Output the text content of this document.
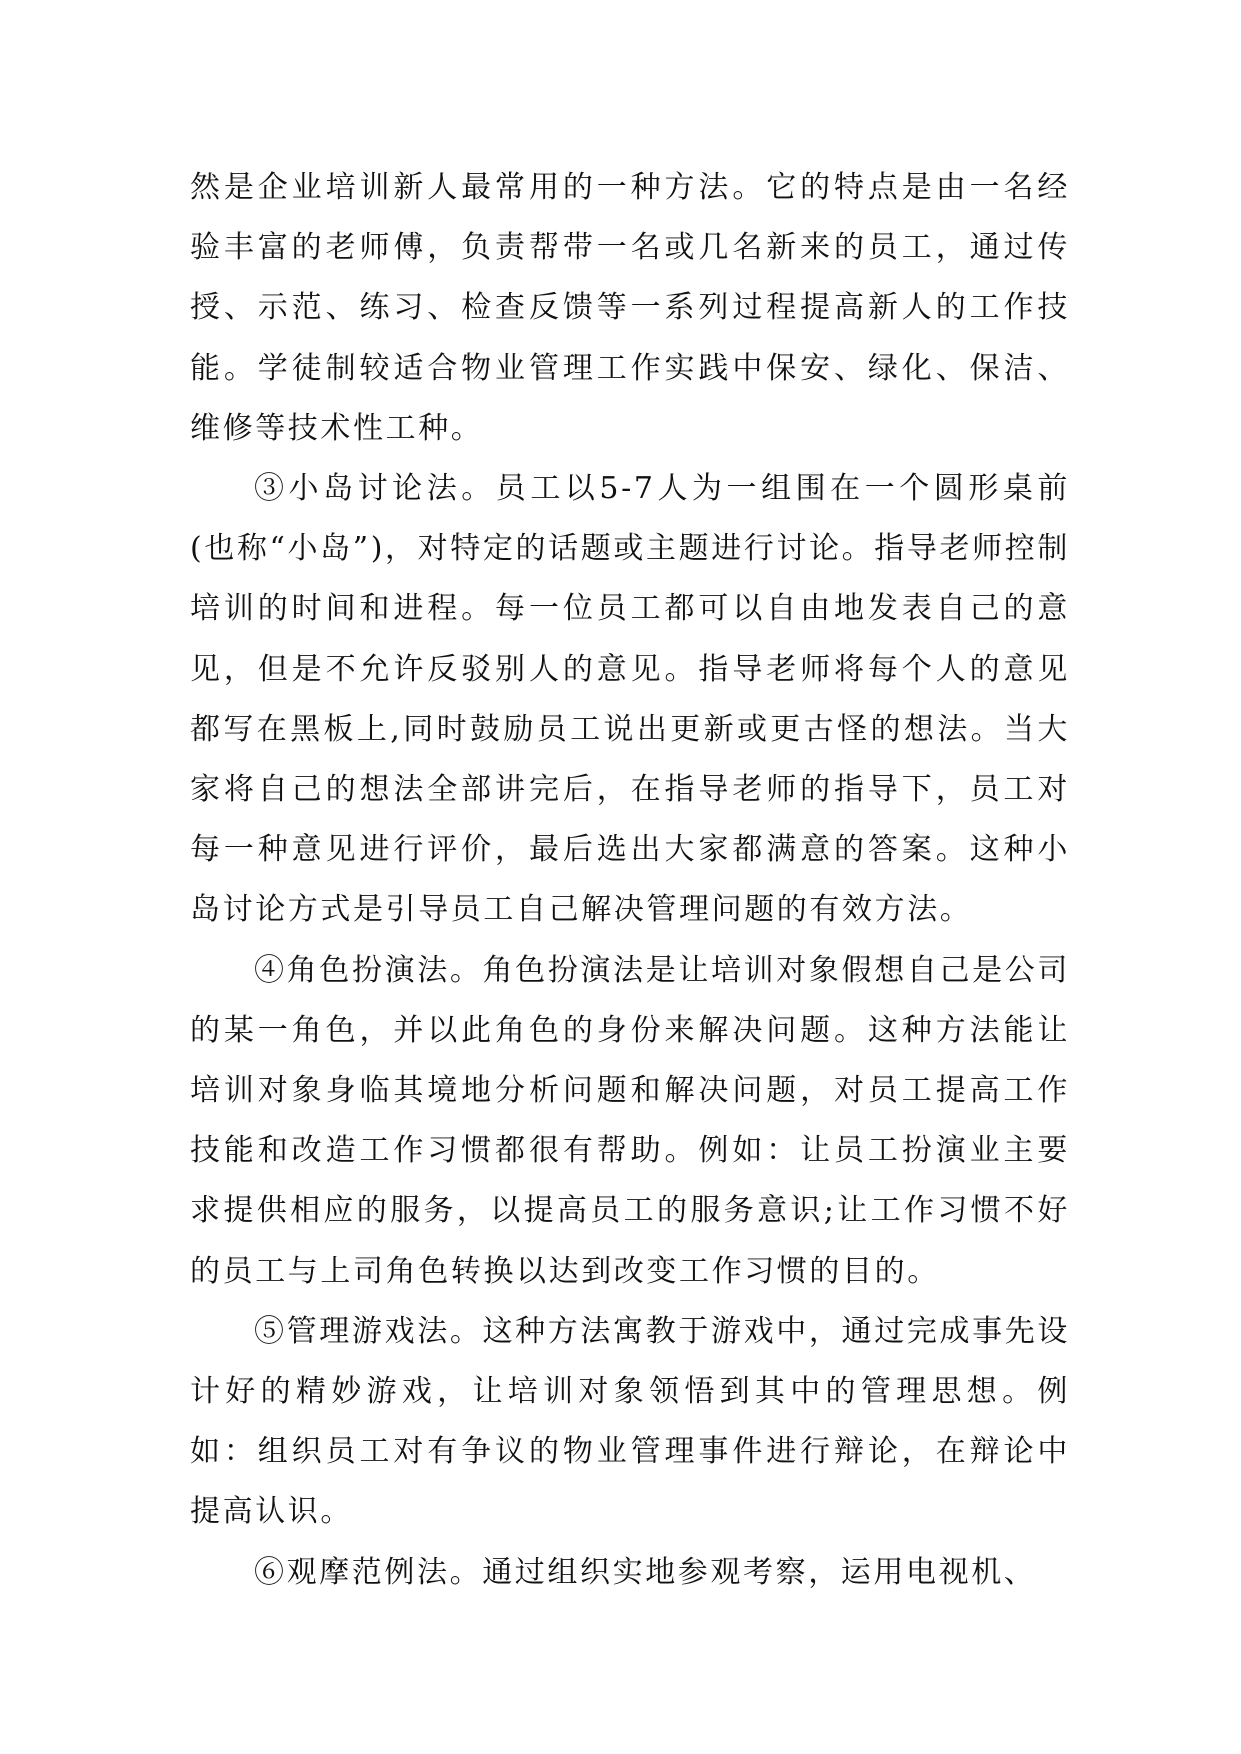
然是企业培训新人最常用的一种方法。它的特点是由一名经验丰富的老师傅，负责帮带一名或几名新来的员工，通过传授、示范、练习、检查反馈等一系列过程提高新人的工作技能。学徒制较适合物业管理工作实践中保安、绿化、保洁、维修等技术性工种。

③小岛讨论法。员工以5-7人为一组围在一个圆形桌前(也称“小岛”)，对特定的话题或主题进行讨论。指导老师控制培训的时间和进程。每一位员工都可以自由地发表自己的意见，但是不允许反驳别人的意见。指导老师将每个人的意见都写在黑板上,同时鼓励员工说出更新或更古怪的想法。当大家将自己的想法全部讲完后，在指导老师的指导下，员工对每一种意见进行评价，最后选出大家都满意的答案。这种小岛讨论方式是引导员工自己解决管理问题的有效方法。

④角色扮演法。角色扮演法是让培训对象假想自己是公司的某一角色，并以此角色的身份来解决问题。这种方法能让培训对象身临其境地分析问题和解决问题，对员工提高工作技能和改造工作习惯都很有帮助。例如：让员工扮演业主要求提供相应的服务，以提高员工的服务意识;让工作习惯不好的员工与上司角色转换以达到改变工作习惯的目的。

⑤管理游戏法。这种方法寓教于游戏中，通过完成事先设计好的精妙游戏，让培训对象领悟到其中的管理思想。例如：组织员工对有争议的物业管理事件进行辩论，在辩论中提高认识。

⑥观摩范例法。通过组织实地参观考察，运用电视机、
